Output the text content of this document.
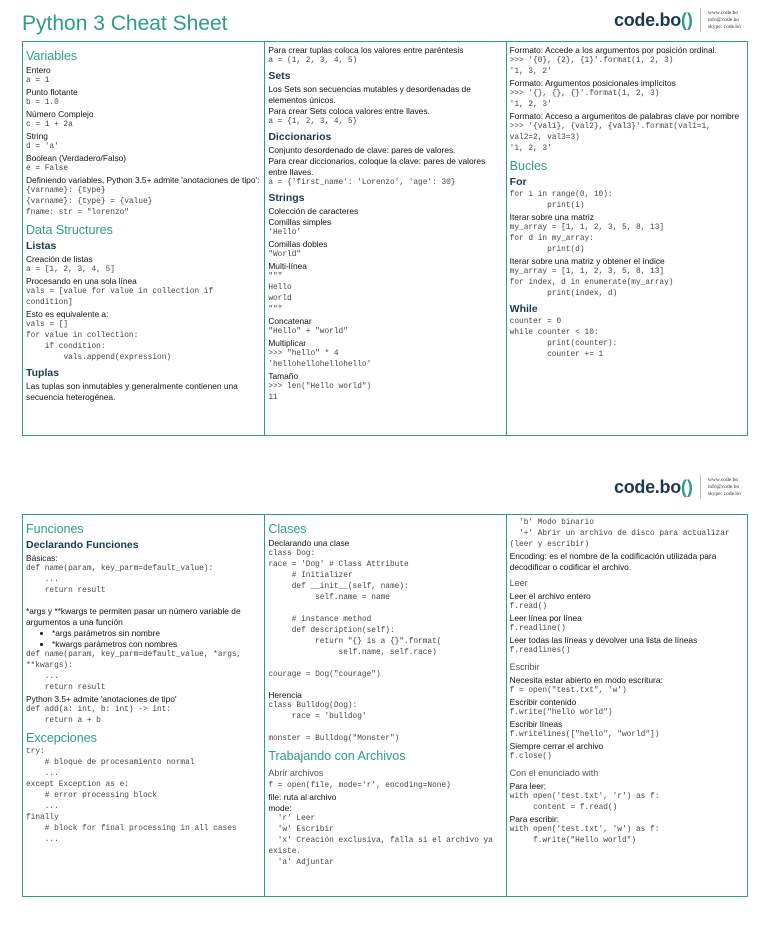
Python 3 Cheat Sheet	code.bo ()	www.code.bo
info@code.bo
skype: code.bo
Variables
Entero
a = 1
Punto flotante
b = 1.0
Número Complejo
c = 1 + 2a
String
d = 'a'
Boolean (Verdadero/Falso)
e = False
Definiendo variables, Python 3.5+ admite 'anotaciones de tipo':
{varname}: {type}
{varname}: {type} = {value}
fname: str = "lorenzo"
Data Structures
Listas
Creación de listas
a = [1, 2, 3, 4, 5]
Procesando en una sola línea
vals = [value for value in collection if condition]
Esto es equivalente a:
vals = []
for value in collection:
if condition:
vals.append(expression)
Tuplas
Las tuplas son inmutables y generalmente contienen una secuencia heterogénea.
Para crear tuplas coloca los valores entre paréntesis
a = (1, 2, 3, 4, 5)
Sets
Los Sets son secuencias mutables y desordenadas de elementos únicos.
Para crear Sets coloca valores entre llaves.
a = {1, 2, 3, 4, 5}
Diccionarios
Conjunto desordenado de clave: pares de valores.
Para crear diccionarios, coloque la clave: pares de valores entre llaves.
a = {'first_name': 'Lorenzo', 'age': 30}
Strings
Colección de caracteres
Comillas simples
'Hello'
Comillas dobles
"World"
Multi-línea
"""
Hello
world
"""
Concatenar
"Hello" + "world"
Multiplicar
>>> "hello" * 4
'hellohellohellohello'
Tamaño
>>> len("Hello world")
11
Formato: Accede a los argumentos por posición ordinal.
>>> '{0}, {2}, {1}'.format(1, 2, 3)
'1, 3, 2'
Formato: Argumentos posicionales implícitos
>>> '{}, {}, {}'.format(1, 2, 3)
'1, 2, 3'
Formato: Acceso a argumentos de palabras clave por nombre
>>> '{val1}, {val2}, {val3}'.format(val1=1, val2=2, val3=3)
'1, 2, 3'
Bucles
For
for i in range(0, 10):
print(i)
Iterar sobre una matriz
my_array = [1, 1, 2, 3, 5, 8, 13]
for d in my_array:
print(d)
Iterar sobre una matriz y obtener el índice
my_array = [1, 1, 2, 3, 5, 8, 13]
for index, d in enumerate(my_array)
print(index, d)
While
counter = 0
while counter < 10:
print(counter):
counter += 1
code.bo ()	www.code.bo
info@code.bo
skype: code.bo
Funciones
Declarando Funciones
Básicas:
def name(param, key_parm=default_value):
...
return result
*args y **kwargs te permiten pasar un número variable de argumentos a una función
• *args parámetros sin nombre
• *kwargs parámetros con nombres
def name(param, key_parm=default_value, *args, **kwargs):
...
return result
Python 3.5+ admite 'anotaciones de tipo'
def add(a: int, b: int) -> int:
return a + b
Excepciones
try:
# bloque de procesamiento normal
...
except Exception as e:
# error processing block
...
finally
# block for final processing in all cases
...
Clases
Declarando una clase
class Dog:
race = 'Dog' # Class Attribute
# Initializer
def __init__(self, name):
self.name = name

# instance method
def description(self):
return "{} is a {}".format(
self.name, self.race)

courage = Dog("courage")
Herencia
class Bulldog(Dog):
race = 'bulldog'

monster = Bulldog("Monster")
Trabajando con Archivos
Abrir archivos
f = open(file, mode='r', encoding=None)
file: ruta al archivo
mode:
'r' Leer
'w' Escribir
'x' Creación exclusiva, falla si el archivo ya existe.
'a' Adjuntar
'b' Modo binario
'+' Abrir un archivo de disco para actualizar (leer y escribir)
Encoding: es el nombre de la codificación utilizada para decodificar o codificar el archivo.
Leer
Leer el archivo entero
f.read()
Leer línea por línea
f.readline()
Leer todas las líneas y devolver una lista de líneas
f.readlines()
Escribir
Necesita estar abierto en modo escritura:
f = open("test.txt", 'w')
Escribir contenido
f.write("hello world")
Escribir líneas
f.writelines(["hello", "world"])
Siempre cerrar el archivo
f.close()
Con el enunciado with
Para leer:
with open('test.txt', 'r') as f:
content = f.read()
Para escribir:
with open('test.txt', 'w') as f:
f.write("Hello world")
